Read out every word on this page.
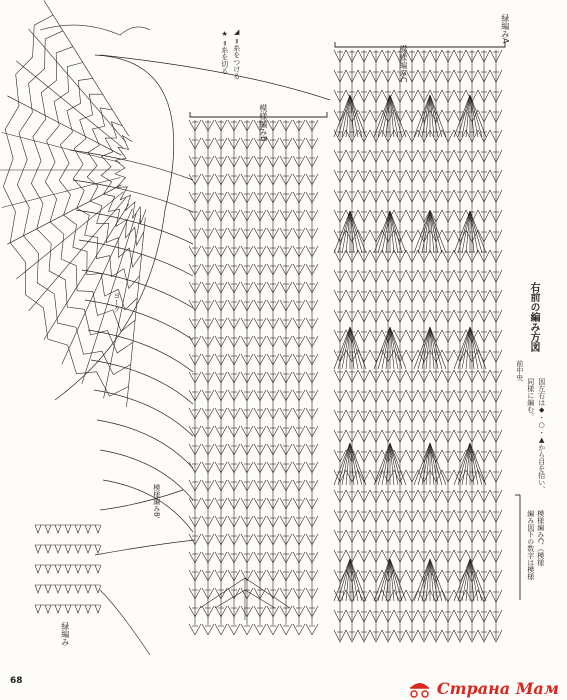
緑編みA
模様編みC
模様編みB
◢ =糸をつける
★ =糸を切る
右前の編み方図
前中央
図左右は◆・○・▲から目を拾い、
同様に編む。
模様編みC'（模様
編み図下の数字は模様
模様編みB'
ヨーク
緑編み
68	Страна Мам
